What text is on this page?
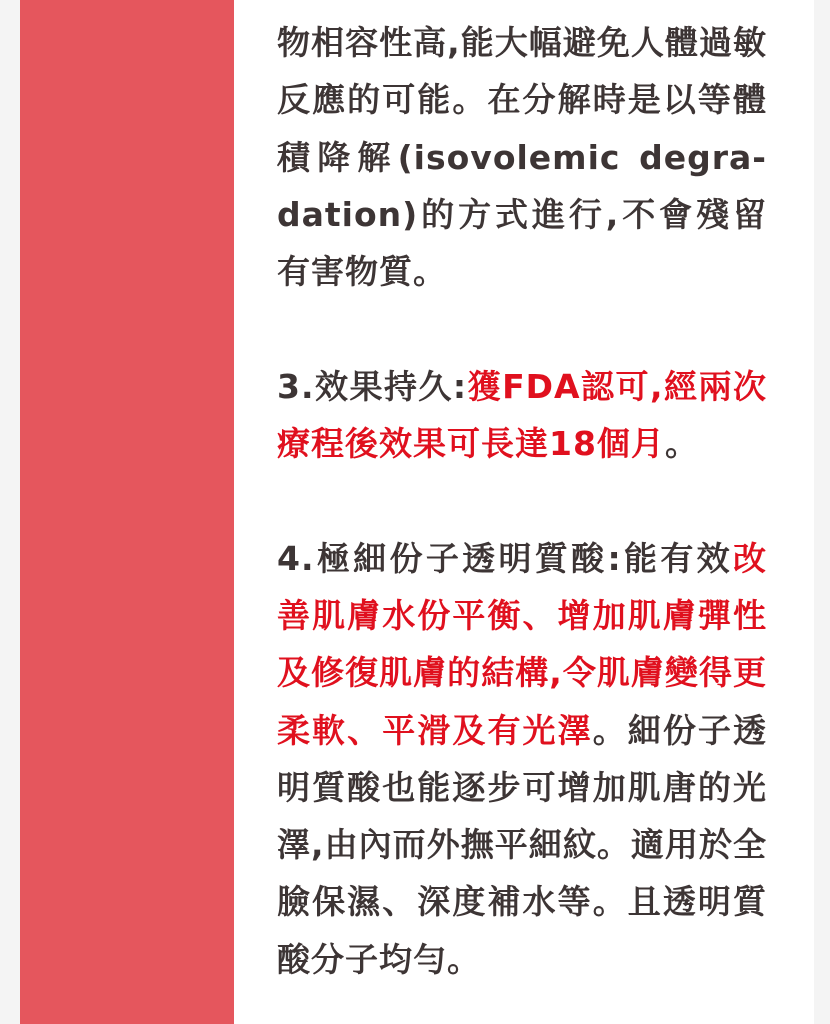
物相容性高,能大幅避免人體過敏反應的可能。在分解時是以等體積降解(isovolemic degra-dation)的方式進行,不會殘留有害物質。

3.效果持久:獲FDA認可,經兩次療程後效果可長達18個月。

4.極細份子透明質酸:能有效改善肌膚水份平衡、增加肌膚彈性及修復肌膚的結構,令肌膚變得更柔軟、平滑及有光澤。細份子透明質酸也能逐步可增加肌唐的光澤,由內而外撫平細紋。適用於全臉保濕、深度補水等。且透明質酸分子均勻。
